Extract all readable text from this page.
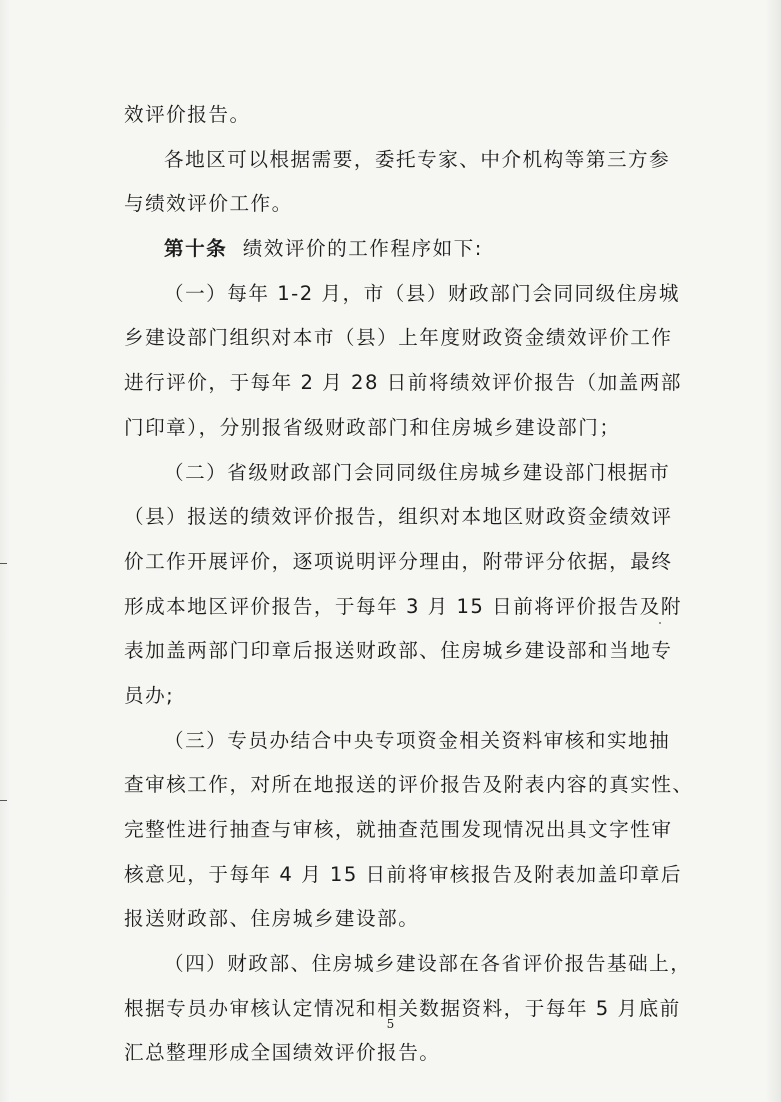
效评价报告。
各地区可以根据需要，委托专家、中介机构等第三方参
与绩效评价工作。
第十条 绩效评价的工作程序如下:
（一）每年 1-2 月，市（县）财政部门会同同级住房城
乡建设部门组织对本市（县）上年度财政资金绩效评价工作
进行评价，于每年 2 月 28 日前将绩效评价报告（加盖两部
门印章），分别报省级财政部门和住房城乡建设部门；
（二）省级财政部门会同同级住房城乡建设部门根据市
（县）报送的绩效评价报告，组织对本地区财政资金绩效评
价工作开展评价，逐项说明评分理由，附带评分依据，最终
形成本地区评价报告，于每年 3 月 15 日前将评价报告及附
表加盖两部门印章后报送财政部、住房城乡建设部和当地专
员办;
（三）专员办结合中央专项资金相关资料审核和实地抽
查审核工作，对所在地报送的评价报告及附表内容的真实性、
完整性进行抽查与审核，就抽查范围发现情况出具文字性审
核意见，于每年 4 月 15 日前将审核报告及附表加盖印章后
报送财政部、住房城乡建设部。
（四）财政部、住房城乡建设部在各省评价报告基础上，
根据专员办审核认定情况和相关数据资料，于每年 5 月底前
汇总整理形成全国绩效评价报告。
5
